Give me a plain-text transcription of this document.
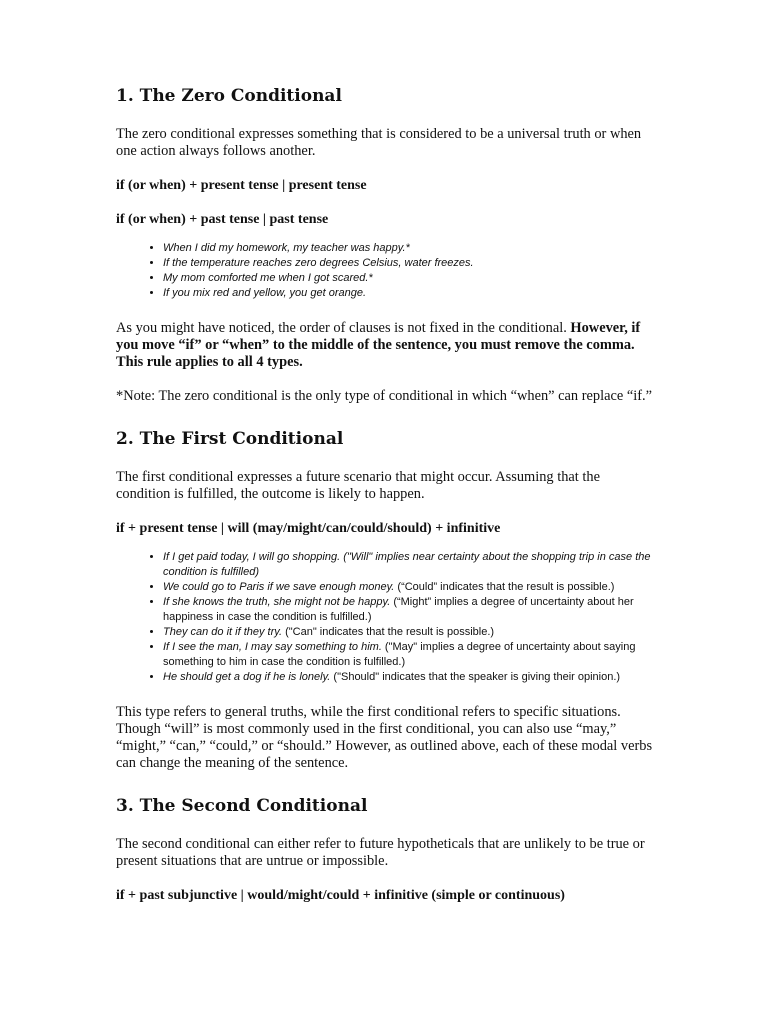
1. The Zero Conditional

The zero conditional expresses something that is considered to be a universal truth or when one action always follows another.

if (or when) + present tense | present tense

if (or when) + past tense | past tense

• When I did my homework, my teacher was happy.*
• If the temperature reaches zero degrees Celsius, water freezes.
• My mom comforted me when I got scared.*
• If you mix red and yellow, you get orange.

As you might have noticed, the order of clauses is not fixed in the conditional. However, if you move “if” or “when” to the middle of the sentence, you must remove the comma. This rule applies to all 4 types.

*Note: The zero conditional is the only type of conditional in which “when” can replace “if.”

2. The First Conditional

The first conditional expresses a future scenario that might occur. Assuming that the condition is fulfilled, the outcome is likely to happen.

if + present tense | will (may/might/can/could/should) + infinitive

• If I get paid today, I will go shopping. ("Will" implies near certainty about the shopping trip in case the condition is fulfilled)
• We could go to Paris if we save enough money. (“Could” indicates that the result is possible.)
• If she knows the truth, she might not be happy. (“Might” implies a degree of uncertainty about her happiness in case the condition is fulfilled.)
• They can do it if they try. ("Can" indicates that the result is possible.)
• If I see the man, I may say something to him. ("May" implies a degree of uncertainty about saying something to him in case the condition is fulfilled.)
• He should get a dog if he is lonely. ("Should" indicates that the speaker is giving their opinion.)

This type refers to general truths, while the first conditional refers to specific situations. Though “will” is most commonly used in the first conditional, you can also use “may,” “might,” “can,” “could,” or “should.” However, as outlined above, each of these modal verbs can change the meaning of the sentence.

3. The Second Conditional

The second conditional can either refer to future hypotheticals that are unlikely to be true or present situations that are untrue or impossible.

if + past subjunctive | would/might/could + infinitive (simple or continuous)
